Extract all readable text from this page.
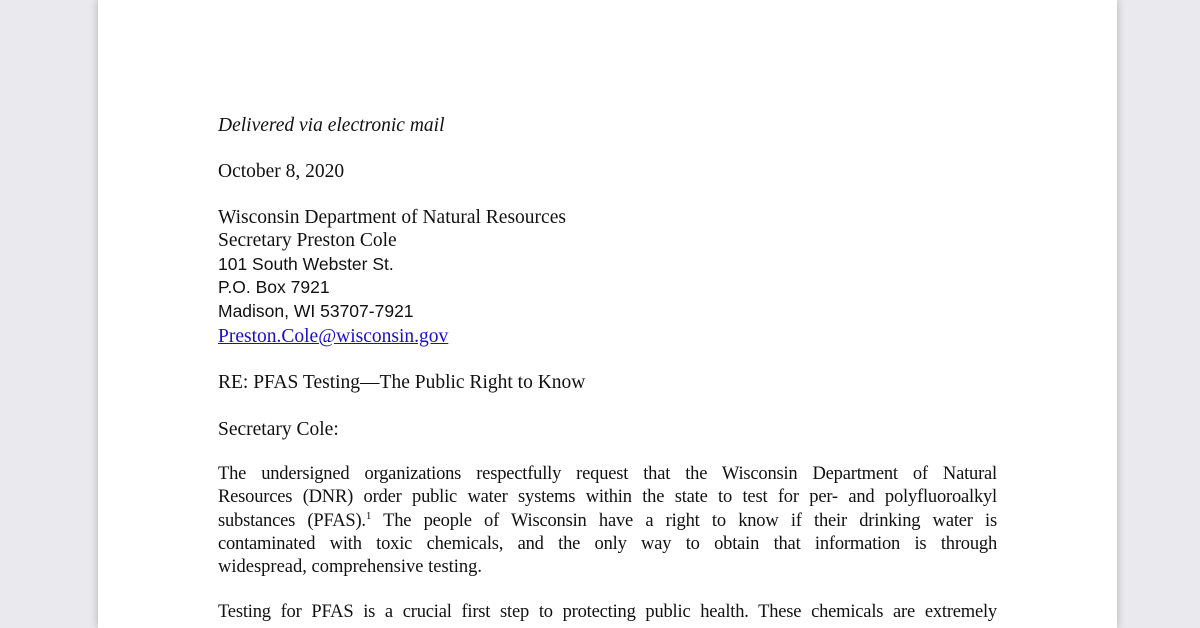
Delivered via electronic mail
October 8, 2020
Wisconsin Department of Natural Resources
Secretary Preston Cole
101 South Webster St.
P.O. Box 7921
Madison, WI 53707-7921
Preston.Cole@wisconsin.gov
RE: PFAS Testing—The Public Right to Know
Secretary Cole:
The undersigned organizations respectfully request that the Wisconsin Department of Natural
Resources (DNR) order public water systems within the state to test for per- and polyfluoroalkyl
substances (PFAS).$^1$ The people of Wisconsin have a right to know if their drinking water is
contaminated with toxic chemicals, and the only way to obtain that information is through
widespread, comprehensive testing.
Testing for PFAS is a crucial first step to protecting public health. These chemicals are extremely
